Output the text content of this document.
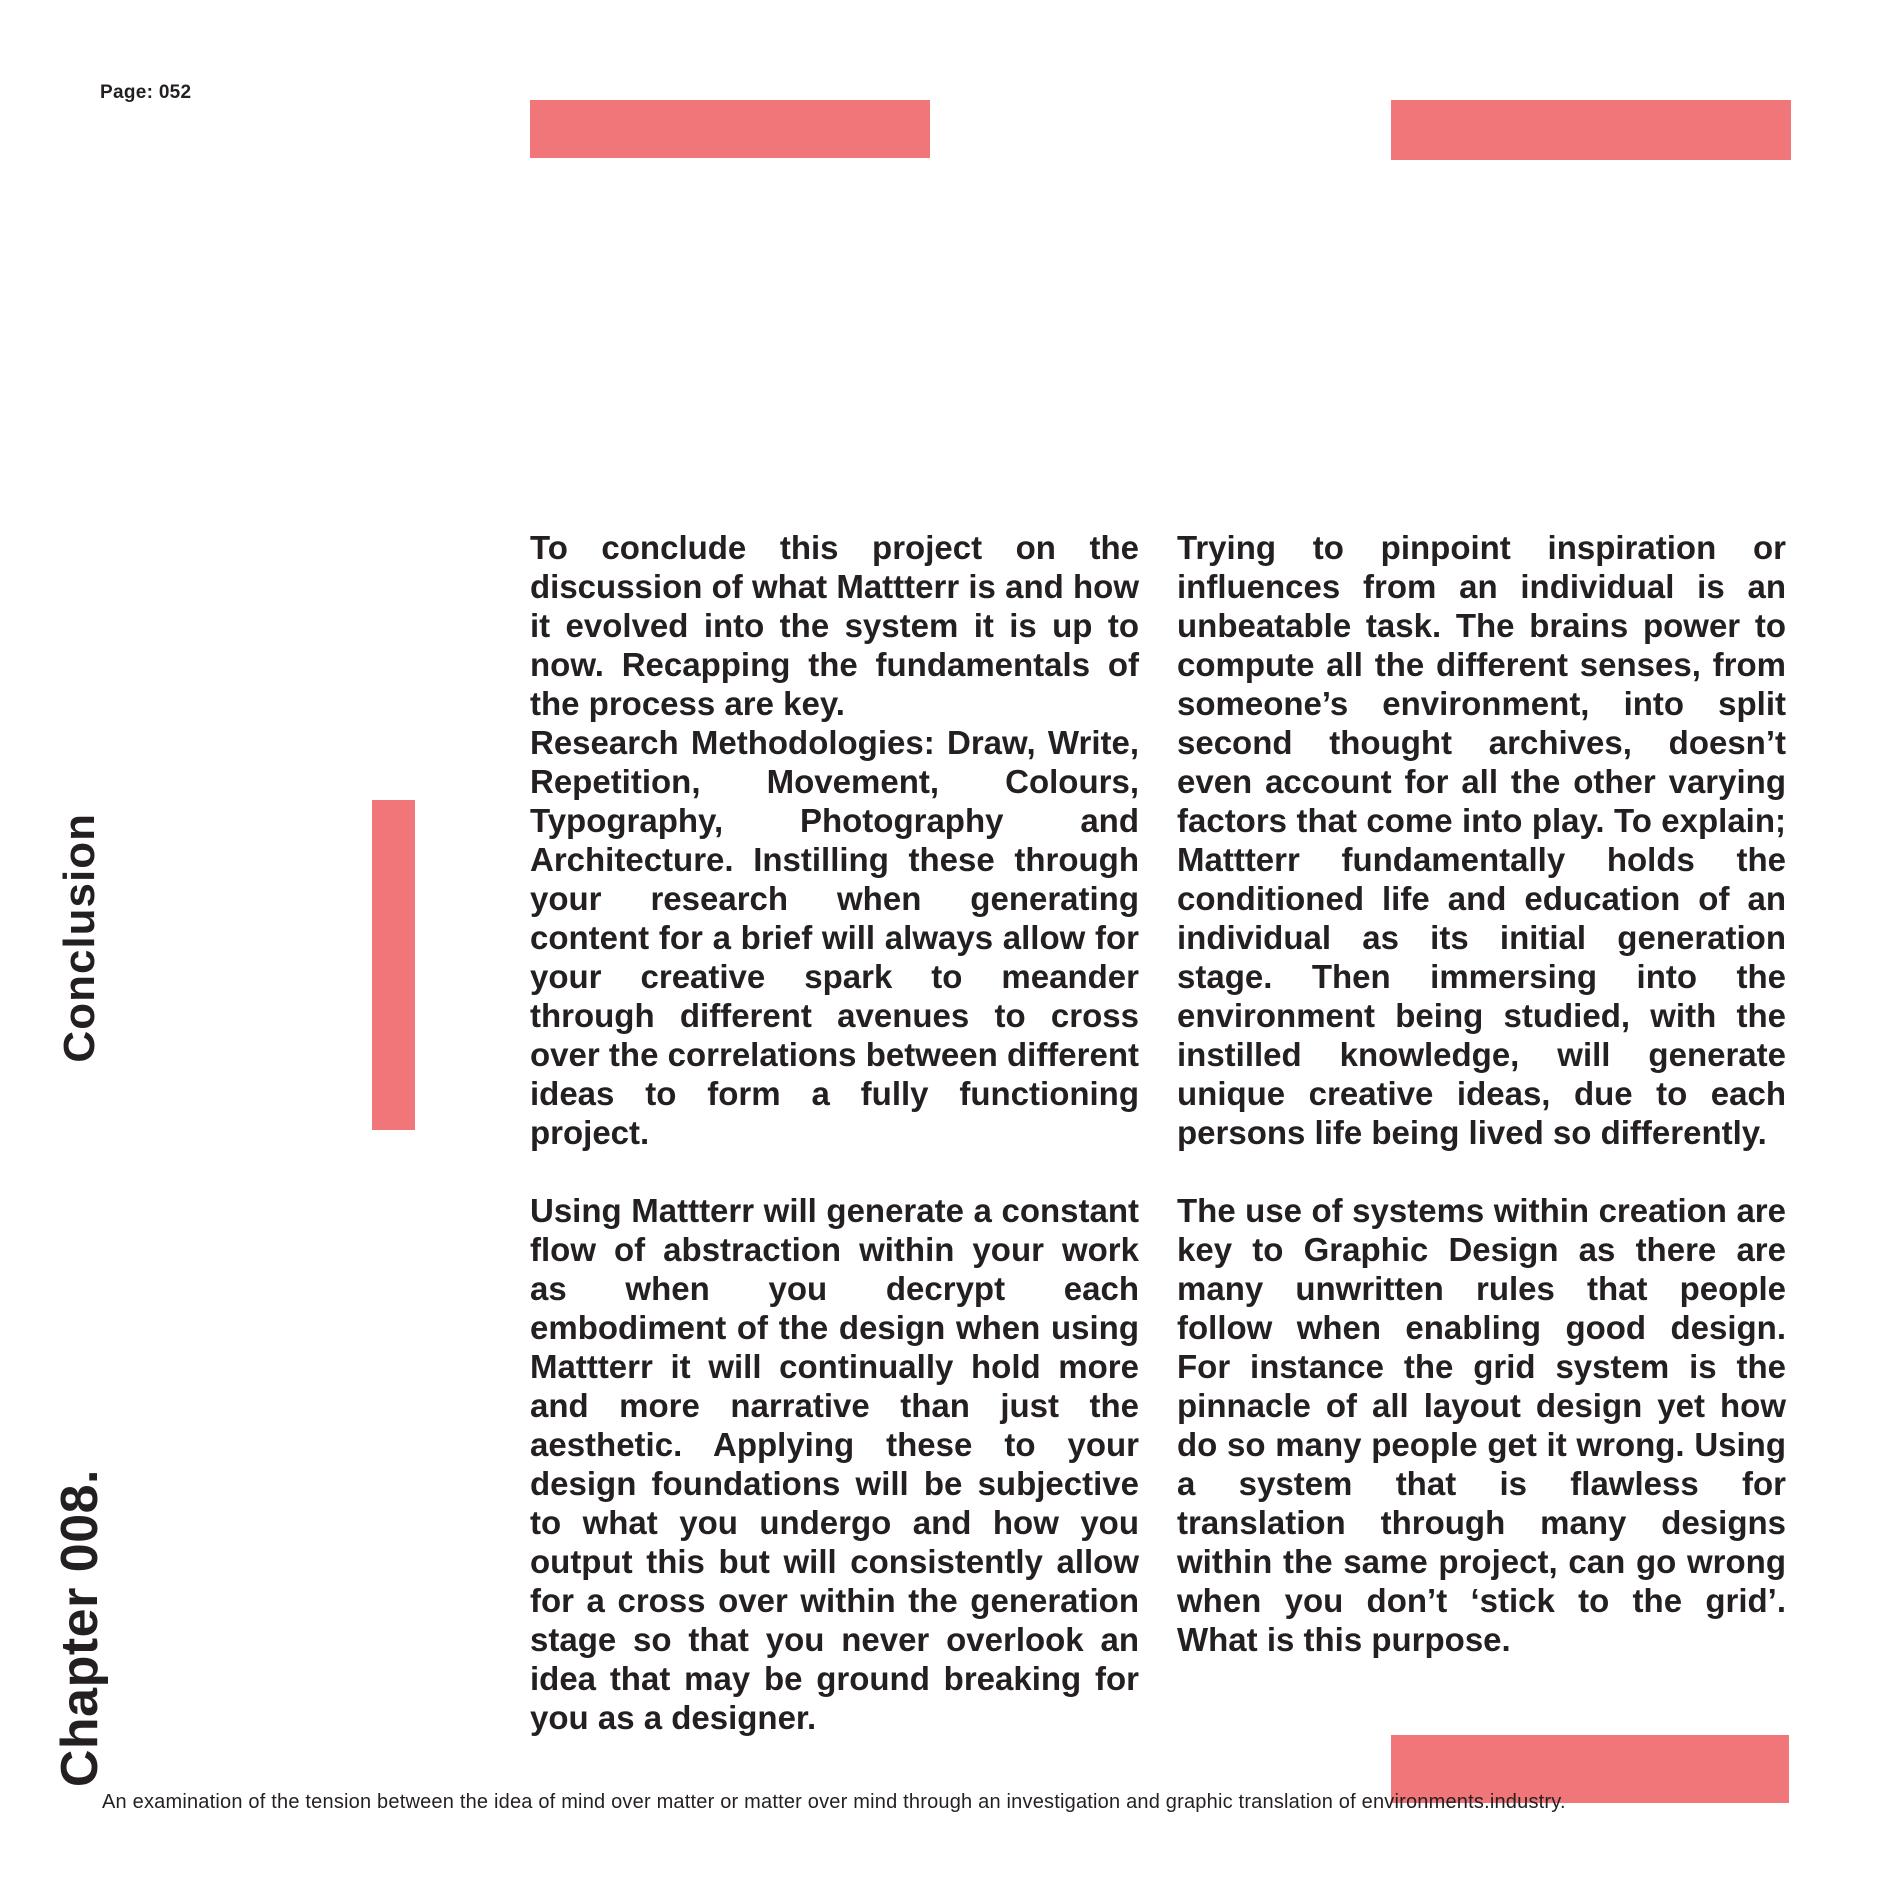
Page: 052
Conclusion
Chapter 008.

To conclude this project on the discussion of what Mattterr is and how it evolved into the system it is up to now. Recapping the fundamentals of the process are key.

Research Methodologies: Draw, Write, Repetition, Movement, Colours, Typography, Photography and Architecture. Instilling these through your research when generating content for a brief will always allow for your creative spark to meander through different avenues to cross over the correlations between different ideas to form a fully functioning project.

Using Mattterr will generate a constant flow of abstraction within your work as when you decrypt each embodiment of the design when using Mattterr it will continually hold more and more narrative than just the aesthetic. Applying these to your design foundations will be subjective to what you undergo and how you output this but will consistently allow for a cross over within the generation stage so that you never overlook an idea that may be ground breaking for you as a designer.

Trying to pinpoint inspiration or influences from an individual is an unbeatable task. The brains power to compute all the different senses, from someone’s environment, into split second thought archives, doesn’t even account for all the other varying factors that come into play. To explain; Mattterr fundamentally holds the conditioned life and education of an individual as its initial generation stage. Then immersing into the environment being studied, with the instilled knowledge, will generate unique creative ideas, due to each persons life being lived so differently.

The use of systems within creation are key to Graphic Design as there are many unwritten rules that people follow when enabling good design. For instance the grid system is the pinnacle of all layout design yet how do so many people get it wrong. Using a system that is flawless for translation through many designs within the same project, can go wrong when you don’t ‘stick to the grid’. What is this purpose.

An examination of the tension between the idea of mind over matter or matter over mind through an investigation and graphic translation of environments.industry.
